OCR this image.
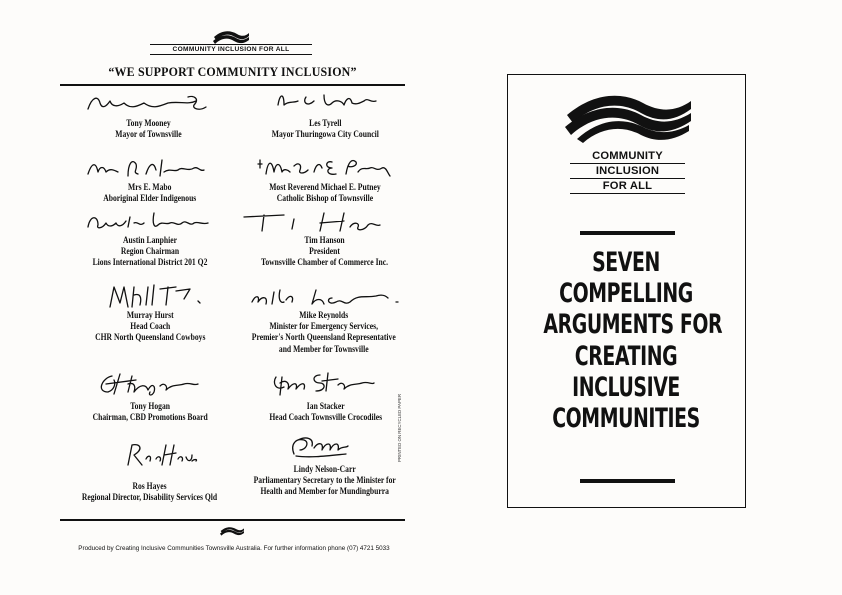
COMMUNITY INCLUSION FOR ALL
“WE SUPPORT COMMUNITY INCLUSION”
Tony Mooney
Mayor of Townsville
Les Tyrell
Mayor Thuringowa City Council
Mrs E. Mabo
Aboriginal Elder Indigenous
Most Reverend Michael E. Putney
Catholic Bishop of Townsville
Austin Lanphier
Region Chairman
Lions International District 201 Q2
Tim Hanson
President
Townsville Chamber of Commerce Inc.
Murray Hurst
Head Coach
CHR North Queensland Cowboys
Mike Reynolds
Minister for Emergency Services,
Premier's North Queensland Representative
and Member for Townsville
Tony Hogan
Chairman, CBD Promotions Board
Ian Stacker
Head Coach Townsville Crocodiles
Ros Hayes
Regional Director, Disability Services Qld
Lindy Nelson-Carr
Parliamentary Secretary to the Minister for
Health and Member for Mundingburra
PRINTED ON RECYCLED PAPER
Produced by Creating Inclusive Communities Townsville Australia. For further information phone (07) 4721 5033
COMMUNITY
INCLUSION
FOR ALL
SEVEN
COMPELLING
ARGUMENTS FOR
CREATING
INCLUSIVE
COMMUNITIES
